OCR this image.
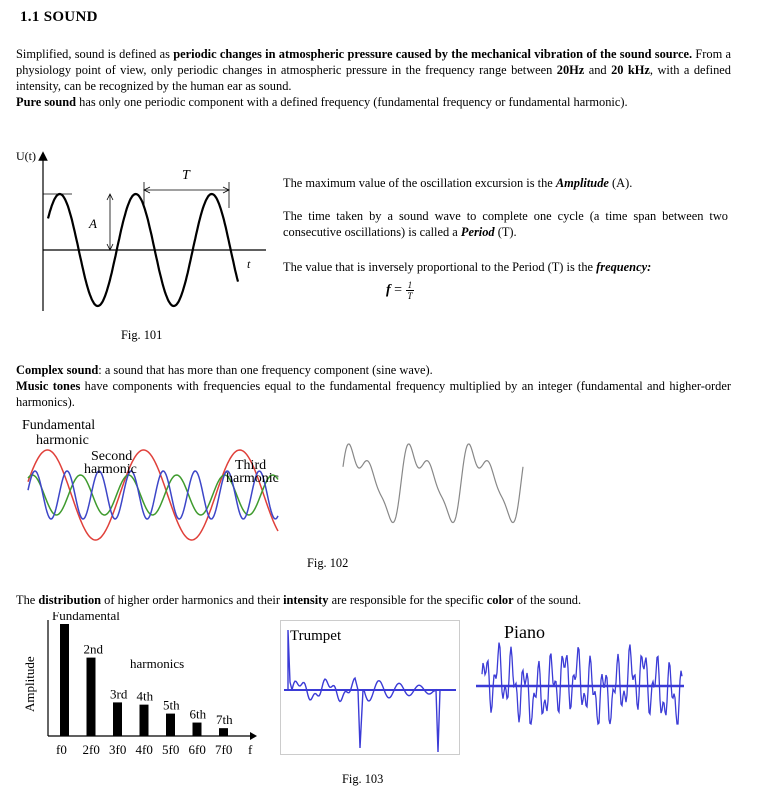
1.1 SOUND
Simplified, sound is defined as periodic changes in atmospheric pressure caused by the mechanical vibration of the sound source. From a physiology point of view, only periodic changes in atmospheric pressure in the frequency range between 20Hz and 20 kHz, with a defined intensity, can be recognized by the human ear as sound.
Pure sound has only one periodic component with a defined frequency (fundamental frequency or fundamental harmonic).
U(t)
t
A
T
Fig. 101
The maximum value of the oscillation excursion is the Amplitude (A).
The time taken by a sound wave to complete one cycle (a time span between two consecutive oscillations) is called a Period (T).
The value that is inversely proportional to the Period (T) is the frequency:
$f = \frac{1}{T}$
Complex sound: a sound that has more than one frequency component (sine wave).
Music tones have components with frequencies equal to the fundamental frequency multiplied by an integer (fundamental and higher-order harmonics).
Fundamental
harmonic
Second
harmonic	Third
harmonic
Fig. 102
The distribution of higher order harmonics and their intensity are responsible for the specific color of the sound.
Amplitude
Fundamental
2nd
3rd 4th
5th
6th 7th
harmonics
f0 2f0 3f0 4f0 5f0 6f0 7f0 f
Trumpet	Piano
Fig. 103
